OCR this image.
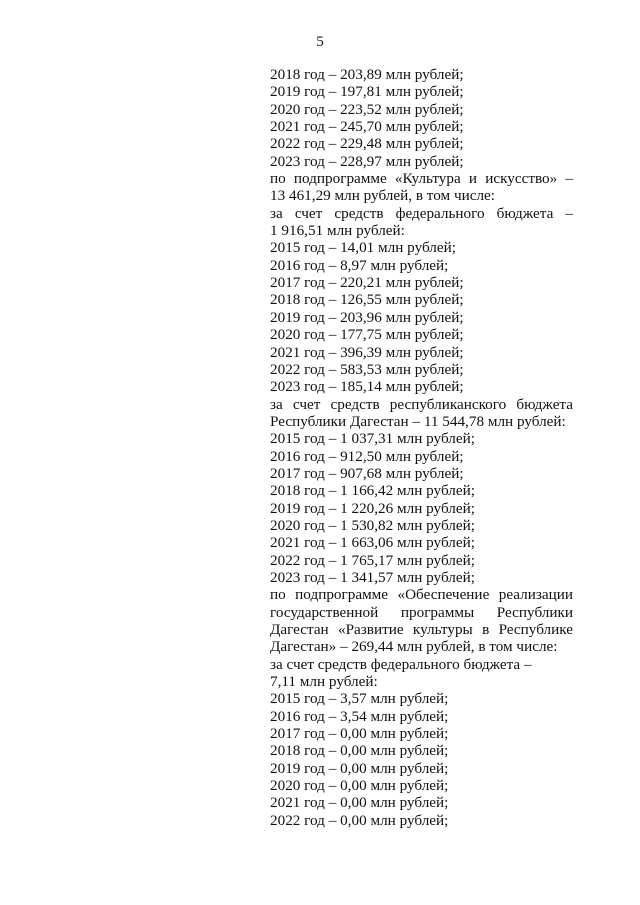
5
2018 год – 203,89 млн рублей;
2019 год – 197,81 млн рублей;
2020 год – 223,52 млн рублей;
2021 год – 245,70 млн рублей;
2022 год – 229,48 млн рублей;
2023 год – 228,97 млн рублей;
по подпрограмме «Культура и искусство» –
13 461,29 млн рублей, в том числе:
за счет средств федерального бюджета –
1 916,51 млн рублей:
2015 год – 14,01 млн рублей;
2016 год – 8,97 млн рублей;
2017 год – 220,21 млн рублей;
2018 год – 126,55 млн рублей;
2019 год – 203,96 млн рублей;
2020 год – 177,75 млн рублей;
2021 год – 396,39 млн рублей;
2022 год – 583,53 млн рублей;
2023 год – 185,14 млн рублей;
за счет средств республиканского бюджета
Республики Дагестан – 11 544,78 млн рублей:
2015 год – 1 037,31 млн рублей;
2016 год – 912,50 млн рублей;
2017 год – 907,68 млн рублей;
2018 год – 1 166,42 млн рублей;
2019 год – 1 220,26 млн рублей;
2020 год – 1 530,82 млн рублей;
2021 год – 1 663,06 млн рублей;
2022 год – 1 765,17 млн рублей;
2023 год – 1 341,57 млн рублей;
по подпрограмме «Обеспечение реализации
государственной программы Республики
Дагестан «Развитие культуры в Республике
Дагестан» – 269,44 млн рублей, в том числе:
за счет средств федерального бюджета –
7,11 млн рублей:
2015 год – 3,57 млн рублей;
2016 год – 3,54 млн рублей;
2017 год – 0,00 млн рублей;
2018 год – 0,00 млн рублей;
2019 год – 0,00 млн рублей;
2020 год – 0,00 млн рублей;
2021 год – 0,00 млн рублей;
2022 год – 0,00 млн рублей;
